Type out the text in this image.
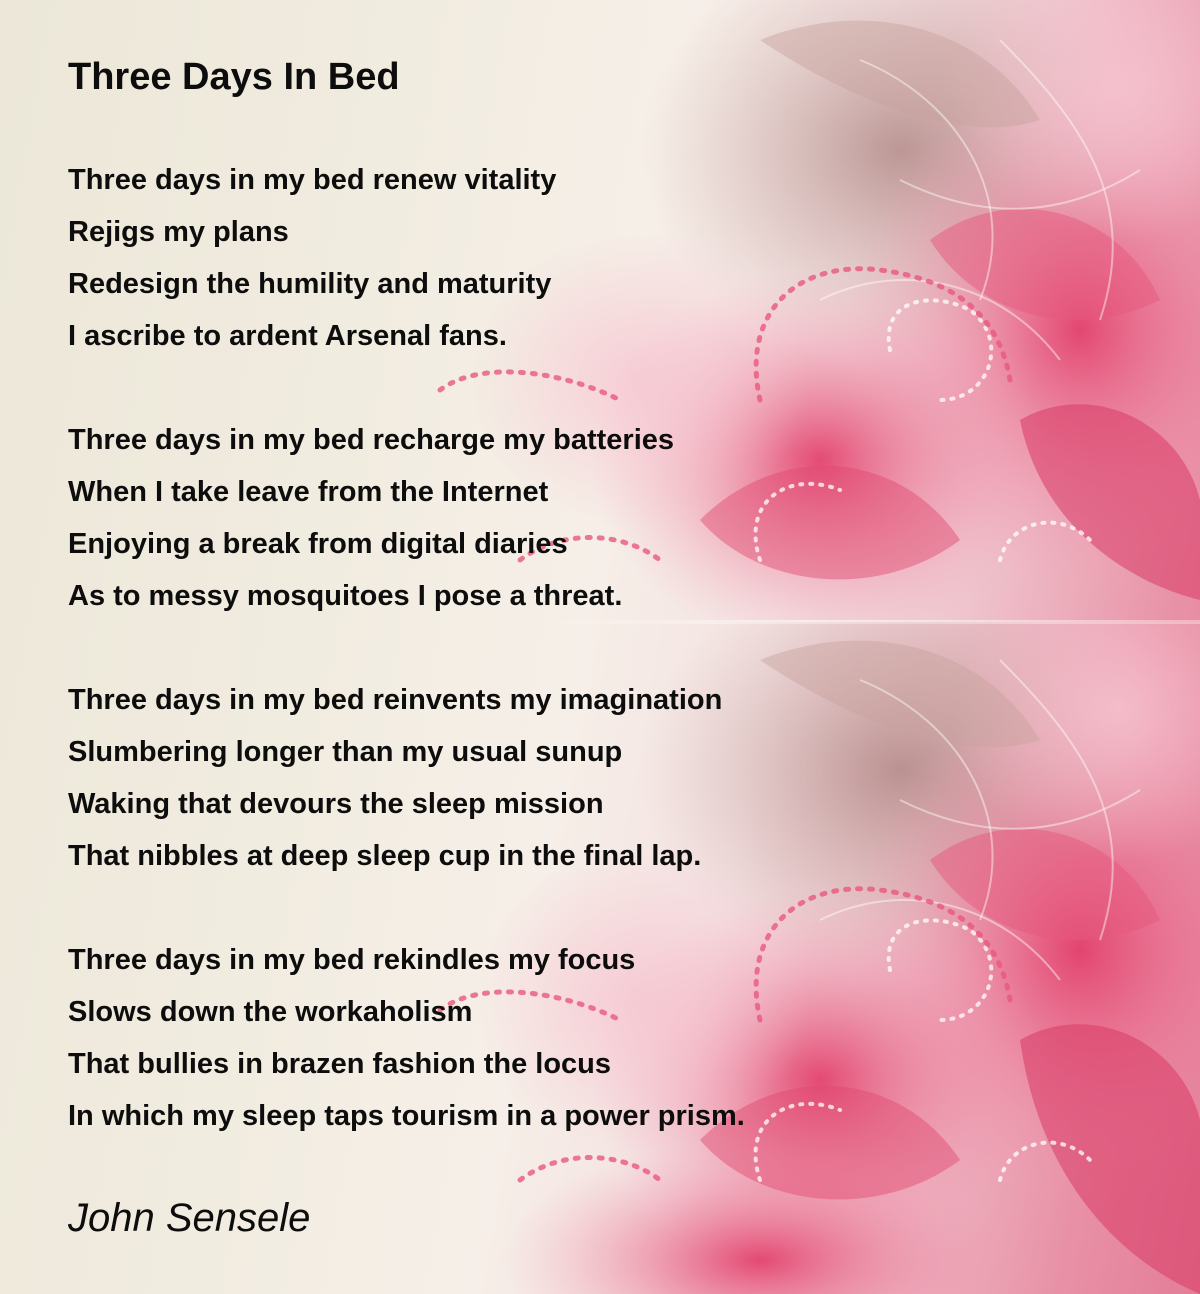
Three Days In Bed
Three days in my bed renew vitality
Rejigs my plans
Redesign the humility and maturity
I ascribe to ardent Arsenal fans.
Three days in my bed recharge my batteries
When I take leave from the Internet
Enjoying a break from digital diaries
As to messy mosquitoes I pose a threat.
Three days in my bed reinvents my imagination
Slumbering longer than my usual sunup
Waking that devours the sleep mission
That nibbles at deep sleep cup in the final lap.
Three days in my bed rekindles my focus
Slows down the workaholism
That bullies in brazen fashion the locus
In which my sleep taps tourism in a power prism.
John Sensele
